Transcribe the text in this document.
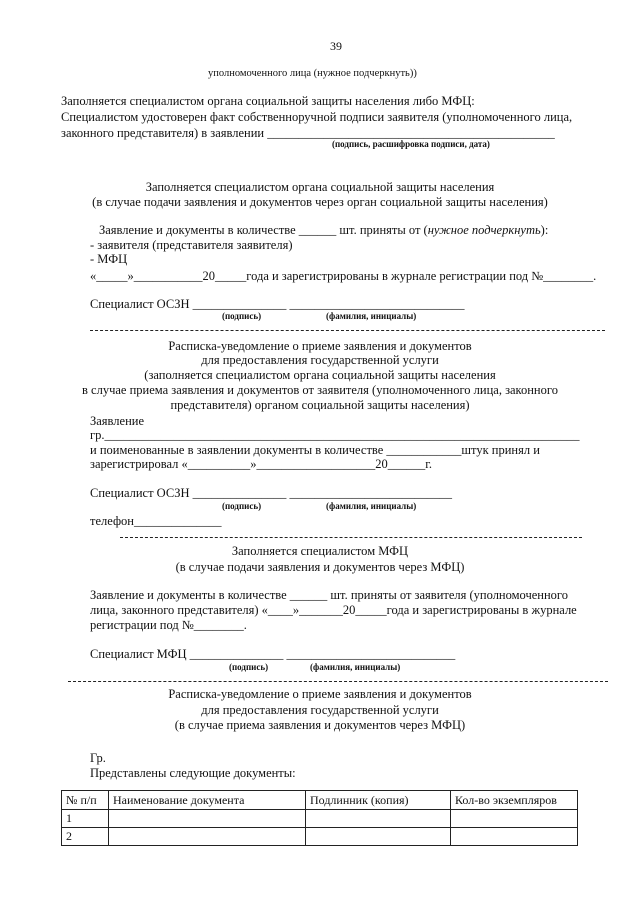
39
уполномоченного лица (нужное подчеркнуть))
Заполняется специалистом органа социальной защиты населения либо МФЦ:
Специалистом удостоверен факт собственноручной подписи заявителя (уполномоченного лица,
законного представителя) в заявлении ______________________________________________
(подпись, расшифровка подписи, дата)
Заполняется специалистом органа социальной защиты населения
(в случае подачи заявления и документов через орган социальной защиты населения)
Заявление и документы в количестве ______ шт. приняты от (нужное подчеркнуть):
- заявителя (представителя заявителя)
- МФЦ
«_____»___________20_____года и зарегистрированы в журнале регистрации под №________.
Специалист ОСЗН _______________ ____________________________
(подпись)	(фамилия, инициалы)
Расписка-уведомление о приеме заявления и документов
для предоставления государственной услуги
(заполняется специалистом органа социальной защиты населения
в случае приема заявления и документов от заявителя (уполномоченного лица, законного
представителя) органом социальной защиты населения)
Заявление
гр.____________________________________________________________________________
и поименованные в заявлении документы в количестве ____________штук принял и
зарегистрировал «__________»___________________20______г.
Специалист ОСЗН _______________ __________________________
(подпись)	(фамилия, инициалы)
телефон______________
Заполняется специалистом МФЦ
(в случае подачи заявления и документов через МФЦ)
Заявление и документы в количестве ______ шт. приняты от заявителя (уполномоченного
лица, законного представителя) «____»_______20_____года и зарегистрированы в журнале
регистрации под №________.
Специалист МФЦ _______________ ___________________________
(подпись)	(фамилия, инициалы)
Расписка-уведомление о приеме заявления и документов
для предоставления государственной услуги
(в случае приема заявления и документов через МФЦ)
Гр.
Представлены следующие документы:
№ п/п	Наименование документа	Подлинник (копия)	Кол-во экземпляров
1			
2			
